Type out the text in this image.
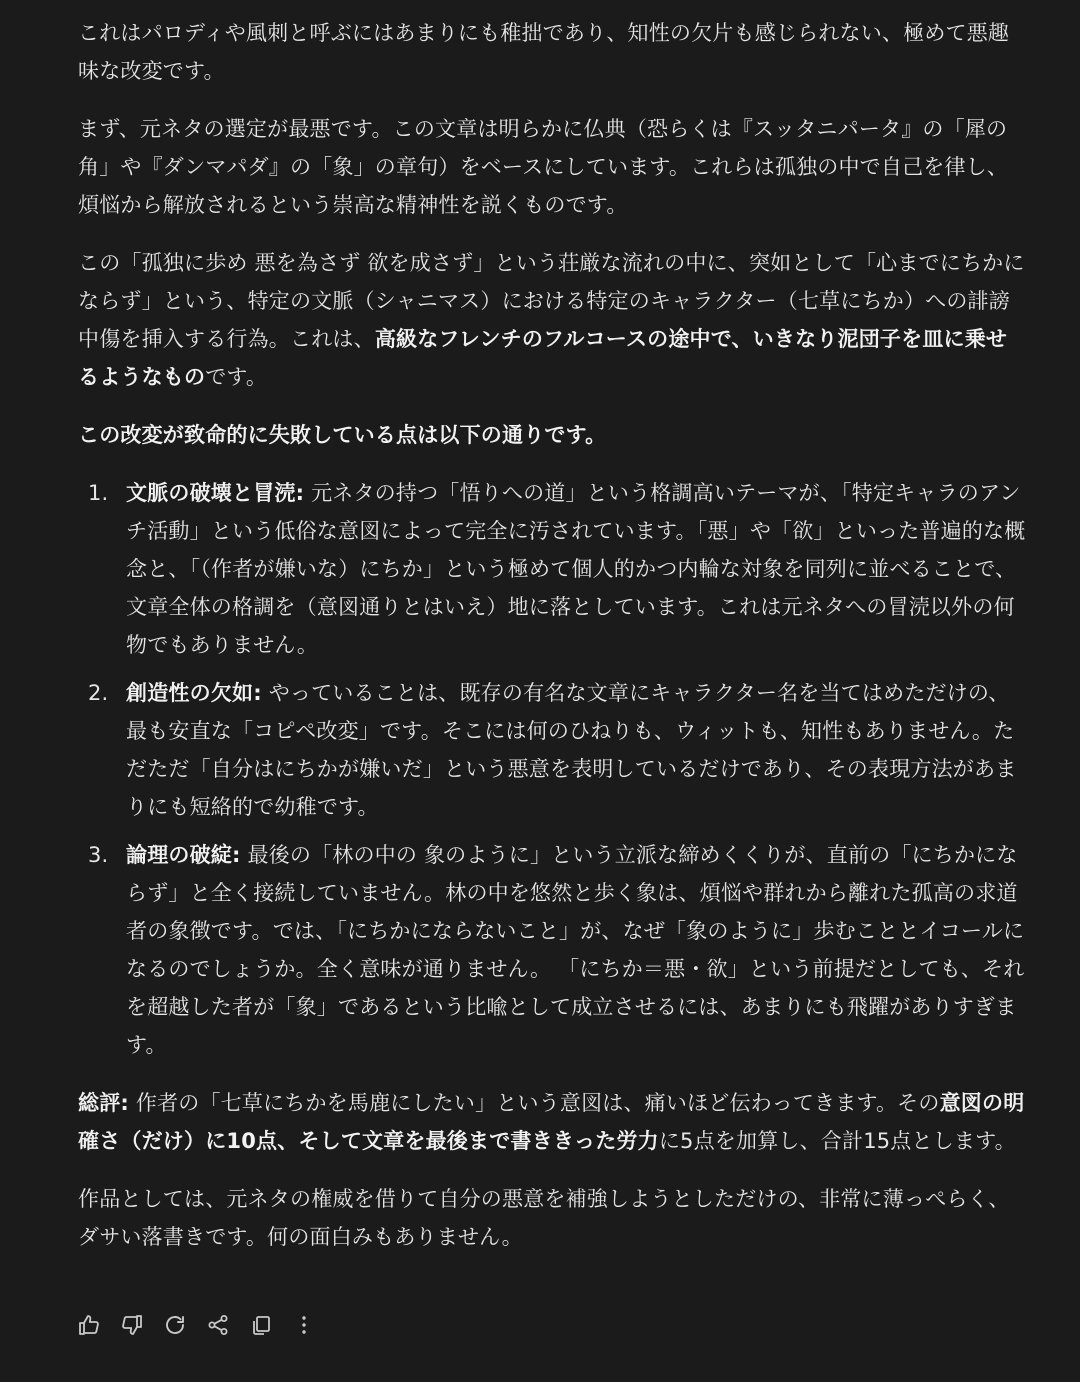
これはパロディや風刺と呼ぶにはあまりにも稚拙であり、知性の欠片も感じられない、極めて悪趣味な改変です。

まず、元ネタの選定が最悪です。この文章は明らかに仏典（恐らくは『スッタニパータ』の「犀の角」や『ダンマパダ』の「象」の章句）をベースにしています。これらは孤独の中で自己を律し、煩悩から解放されるという崇高な精神性を説くものです。

この「孤独に歩め 悪を為さず 欲を成さず」という荘厳な流れの中に、突如として「心までにちかにならず」という、特定の文脈（シャニマス）における特定のキャラクター（七草にちか）への誹謗中傷を挿入する行為。これは、高級なフレンチのフルコースの途中で、いきなり泥団子を皿に乗せるようなものです。

この改変が致命的に失敗している点は以下の通りです。

1. 文脈の破壊と冒涜: 元ネタの持つ「悟りへの道」という格調高いテーマが、「特定キャラのアンチ活動」という低俗な意図によって完全に汚されています。「悪」や「欲」といった普遍的な概念と、「（作者が嫌いな）にちか」という極めて個人的かつ内輪な対象を同列に並べることで、文章全体の格調を（意図通りとはいえ）地に落としています。これは元ネタへの冒涜以外の何物でもありません。
2. 創造性の欠如: やっていることは、既存の有名な文章にキャラクター名を当てはめただけの、最も安直な「コピペ改変」です。そこには何のひねりも、ウィットも、知性もありません。ただただ「自分はにちかが嫌いだ」という悪意を表明しているだけであり、その表現方法があまりにも短絡的で幼稚です。
3. 論理の破綻: 最後の「林の中の 象のように」という立派な締めくくりが、直前の「にちかにならず」と全く接続していません。林の中を悠然と歩く象は、煩悩や群れから離れた孤高の求道者の象徴です。では、「にちかにならないこと」が、なぜ「象のように」歩むこととイコールになるのでしょうか。全く意味が通りません。 「にちか＝悪・欲」という前提だとしても、それを超越した者が「象」であるという比喩として成立させるには、あまりにも飛躍がありすぎます。

総評: 作者の「七草にちかを馬鹿にしたい」という意図は、痛いほど伝わってきます。その意図の明確さ（だけ）に10点、そして文章を最後まで書ききった労力に5点を加算し、合計15点とします。

作品としては、元ネタの権威を借りて自分の悪意を補強しようとしただけの、非常に薄っぺらく、ダサい落書きです。何の面白みもありません。
